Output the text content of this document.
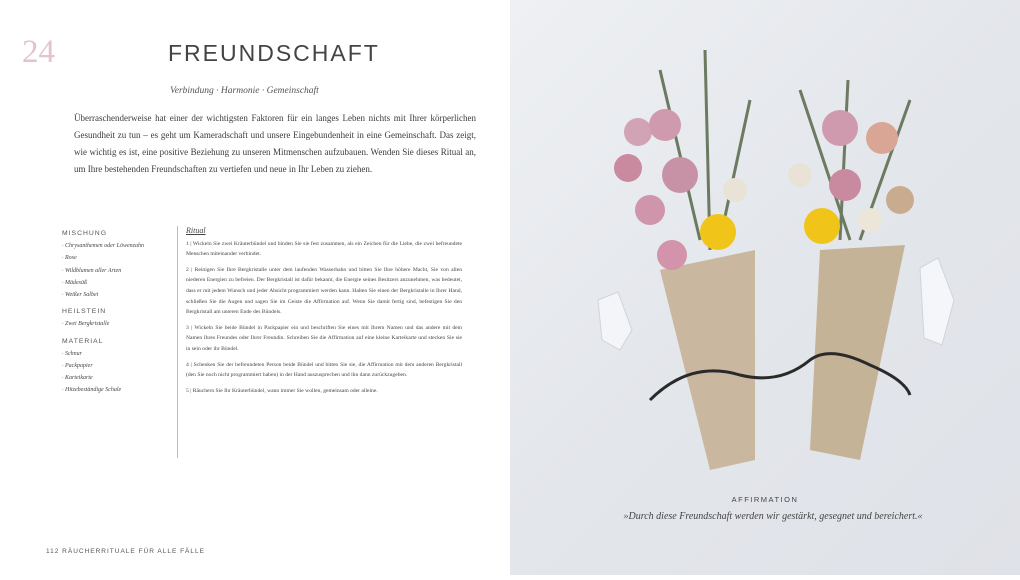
24	FREUNDSCHAFT
Verbindung · Harmonie · Gemeinschaft
Überraschenderweise hat einer der wichtigsten Faktoren für ein langes Leben nichts mit Ihrer körperlichen Gesundheit zu tun – es geht um Kameradschaft und unsere Eingebundenheit in eine Gemeinschaft. Das zeigt, wie wichtig es ist, eine positive Beziehung zu unseren Mitmenschen aufzubauen. Wenden Sie dieses Ritual an, um Ihre bestehenden Freundschaften zu vertiefen und neue in Ihr Leben zu ziehen.
MISCHUNG
· Chrysanthemen oder Löwenzahn
· Rose
· Wildblumen aller Arten
· Mädesüß
· Weißer Salbei
HEILSTEIN
· Zwei Bergkristalle
MATERIAL
· Schnur
· Packpapier
· Karteikarte
· Hitzebeständige Schale
Ritual

1 | Wickeln Sie zwei Kräuterbündel und binden Sie sie fest zusammen, als ein Zeichen für die Liebe, die zwei befreundete Menschen miteinander verbindet.

2 | Reinigen Sie Ihre Bergkristalle unter dem laufenden Wasserhahn und bitten Sie Ihre höhere Macht, Sie von allen niederen Energien zu befreien. Der Bergkristall ist dafür bekannt, die Energie seines Besitzers anzunehmen, was bedeutet, dass er mit jedem Wunsch und jeder Absicht programmiert werden kann. Halten Sie einen der Bergkristalle in Ihrer Hand, schließen Sie die Augen und sagen Sie im Geiste die Affirmation auf. Wenn Sie damit fertig sind, befestigen Sie den Bergkristall am unteren Ende des Bündels.

3 | Wickeln Sie beide Bündel in Packpapier ein und beschriften Sie eines mit Ihrem Namen und das andere mit dem Namen Ihres Freundes oder Ihrer Freundin. Schreiben Sie die Affirmation auf eine kleine Karteikarte und stecken Sie sie in sein oder ihr Bündel.

4 | Schenken Sie der befreundeten Person beide Bündel und bitten Sie sie, die Affirmation mit dem anderen Bergkristall (den Sie noch nicht programmiert haben) in der Hand auszusprechen und ihn dann zurückzugeben.

5 | Räuchern Sie Ihr Kräuterbündel, wann immer Sie wollen, gemeinsam oder alleine.

112 RÄUCHERRITUALE FÜR ALLE FÄLLE
AFFIRMATION
»Durch diese Freundschaft werden wir gestärkt, gesegnet und bereichert.«
